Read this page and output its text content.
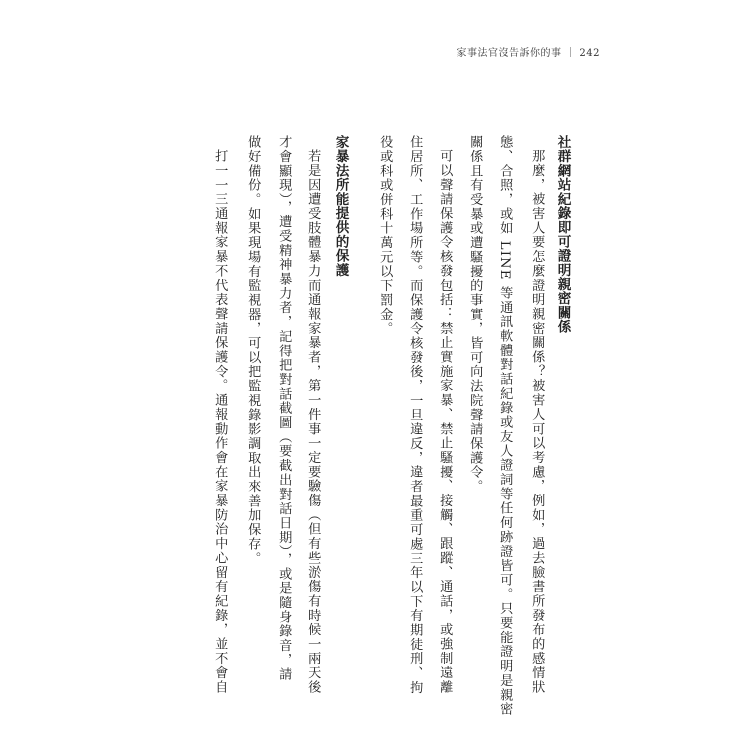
家事法官沒告訴你的事 ｜ 242
社群網站紀錄即可證明親密關係
那麼，被害人要怎麼證明親密關係？被害人可以考慮，例如，過去臉書所發布的感情狀
態、合照，或如 LINE 等通訊軟體對話紀錄或友人證詞等任何跡證皆可。只要能證明是親密
關係且有受暴或遭騷擾的事實，皆可向法院聲請保護令。
可以聲請保護令核發包括：禁止實施家暴、禁止騷擾、接觸、跟蹤、通話，或強制遠離
住居所、工作場所等。而保護令核發後，一旦違反，違者最重可處三年以下有期徒刑、拘
役或科或併科十萬元以下罰金。
家暴法所能提供的保護
若是因遭受肢體暴力而通報家暴者，第一件事一定要驗傷（但有些淤傷有時候一兩天後
才會顯現），遭受精神暴力者，記得把對話截圖（要截出對話日期），或是隨身錄音，請
做好備份。如果現場有監視器，可以把監視錄影調取出來善加保存。
打一一三通報家暴不代表聲請保護令。通報動作會在家暴防治中心留有紀錄，並不會自
